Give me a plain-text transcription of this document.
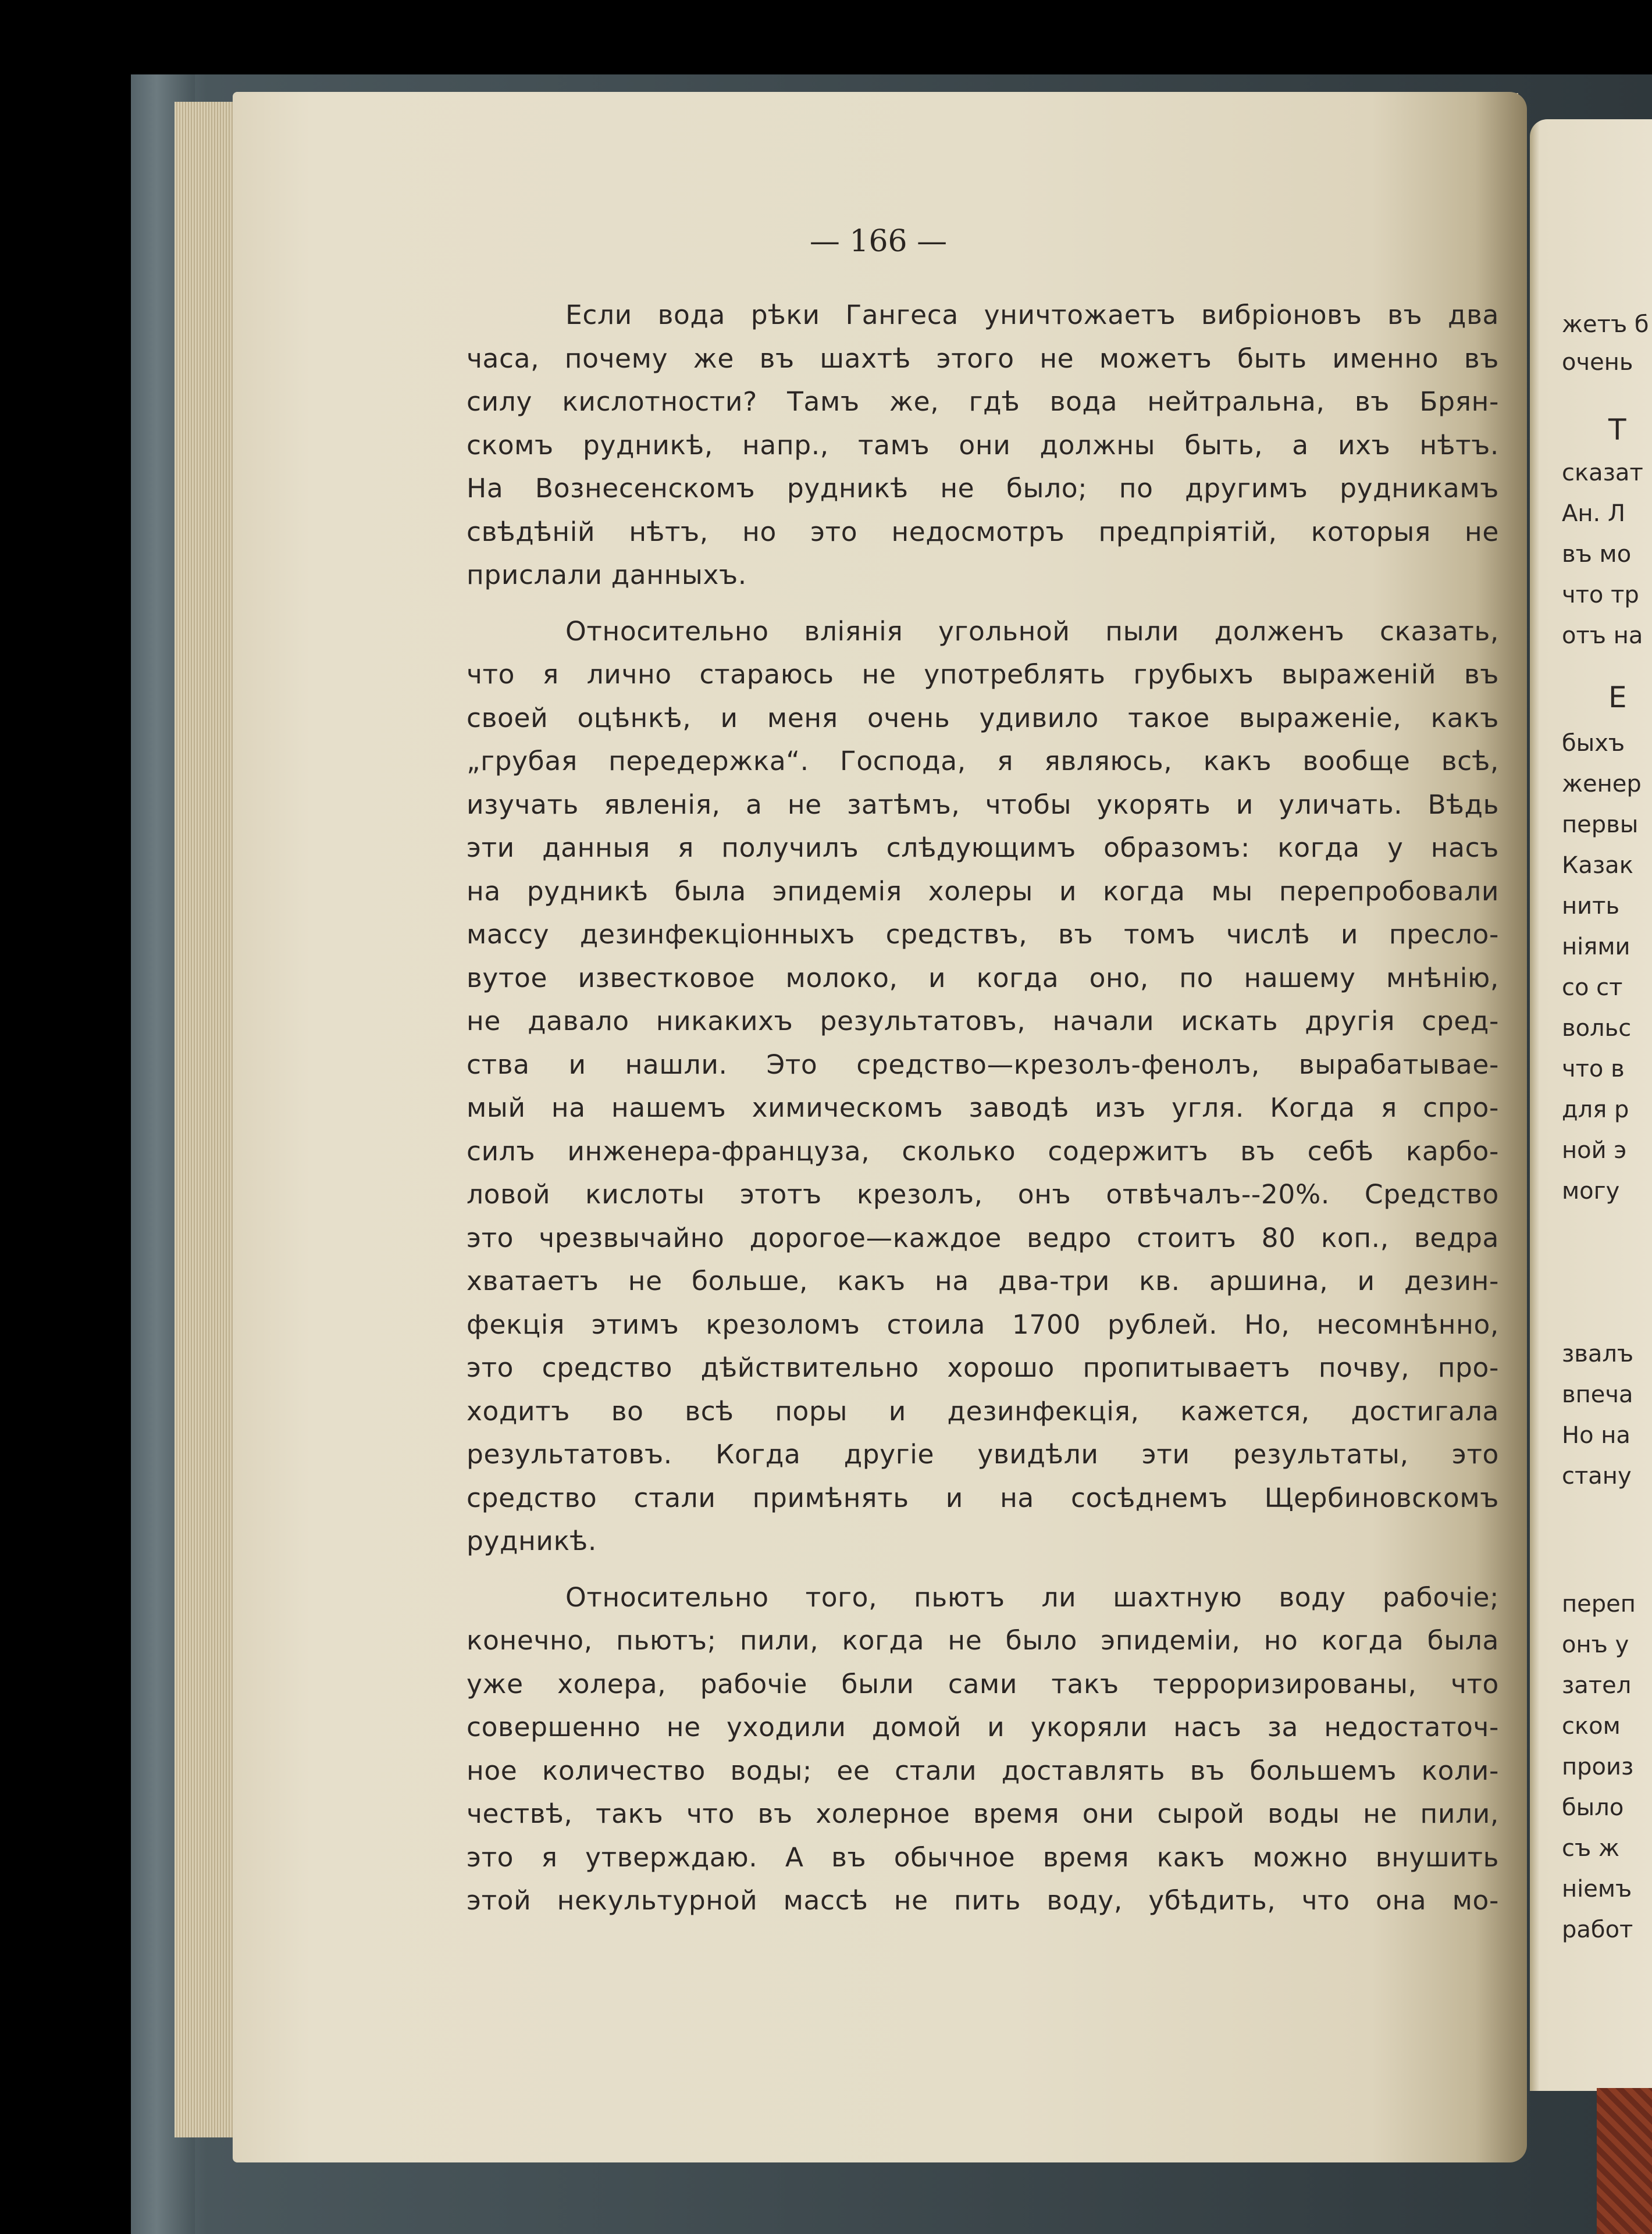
жетъ б
очень
Т
сказат
Ан. Л
въ мо
что тр
отъ на
Е
быхъ
женер
первы
Казак
нить
ніями
со ст
вольс
что в
для р
ной э
могу
звалъ
впеча
Но на
стану
переп
онъ у
зател
ском
произ
было
съ ж
ніемъ
работ
— 166 —
Если вода рѣки Гангеса уничтожаетъ вибріоновъ въ два
часа, почему же въ шахтѣ этого не можетъ быть именно въ
силу кислотности? Тамъ же, гдѣ вода нейтральна, въ Брян-
скомъ рудникѣ, напр., тамъ они должны быть, а ихъ нѣтъ.
На Вознесенскомъ рудникѣ не было; по другимъ рудникамъ
свѣдѣній нѣтъ, но это недосмотръ предпріятій, которыя не
прислали данныхъ.
Относительно вліянія угольной пыли долженъ сказать,
что я лично стараюсь не употреблять грубыхъ выраженій въ
своей оцѣнкѣ, и меня очень удивило такое выраженіе, какъ
„грубая передержка“. Господа, я являюсь, какъ вообще всѣ,
изучать явленія, а не затѣмъ, чтобы укорять и уличать. Вѣдь
эти данныя я получилъ слѣдующимъ образомъ: когда у насъ
на рудникѣ была эпидемія холеры и когда мы перепробовали
массу дезинфекціонныхъ средствъ, въ томъ числѣ и пресло-
вутое известковое молоко, и когда оно, по нашему мнѣнію,
не давало никакихъ результатовъ, начали искать другія сред-
ства и нашли. Это средство—крезолъ-фенолъ, вырабатывае-
мый на нашемъ химическомъ заводѣ изъ угля. Когда я спро-
силъ инженера-француза, сколько содержитъ въ себѣ карбо-
ловой кислоты этотъ крезолъ, онъ отвѣчалъ--20%. Средство
это чрезвычайно дорогое—каждое ведро стоитъ 80 коп., ведра
хватаетъ не больше, какъ на два-три кв. аршина, и дезин-
фекція этимъ крезоломъ стоила 1700 рублей. Но, несомнѣнно,
это средство дѣйствительно хорошо пропитываетъ почву, про-
ходитъ во всѣ поры и дезинфекція, кажется, достигала
результатовъ. Когда другіе увидѣли эти результаты, это
средство стали примѣнять и на сосѣднемъ Щербиновскомъ
рудникѣ.
Относительно того, пьютъ ли шахтную воду рабочіе;
конечно, пьютъ; пили, когда не было эпидеміи, но когда была
уже холера, рабочіе были сами такъ терроризированы, что
совершенно не уходили домой и укоряли насъ за недостаточ-
ное количество воды; ее стали доставлять въ большемъ коли-
чествѣ, такъ что въ холерное время они сырой воды не пили,
это я утверждаю. А въ обычное время какъ можно внушить
этой некультурной массѣ не пить воду, убѣдить, что она мо-
